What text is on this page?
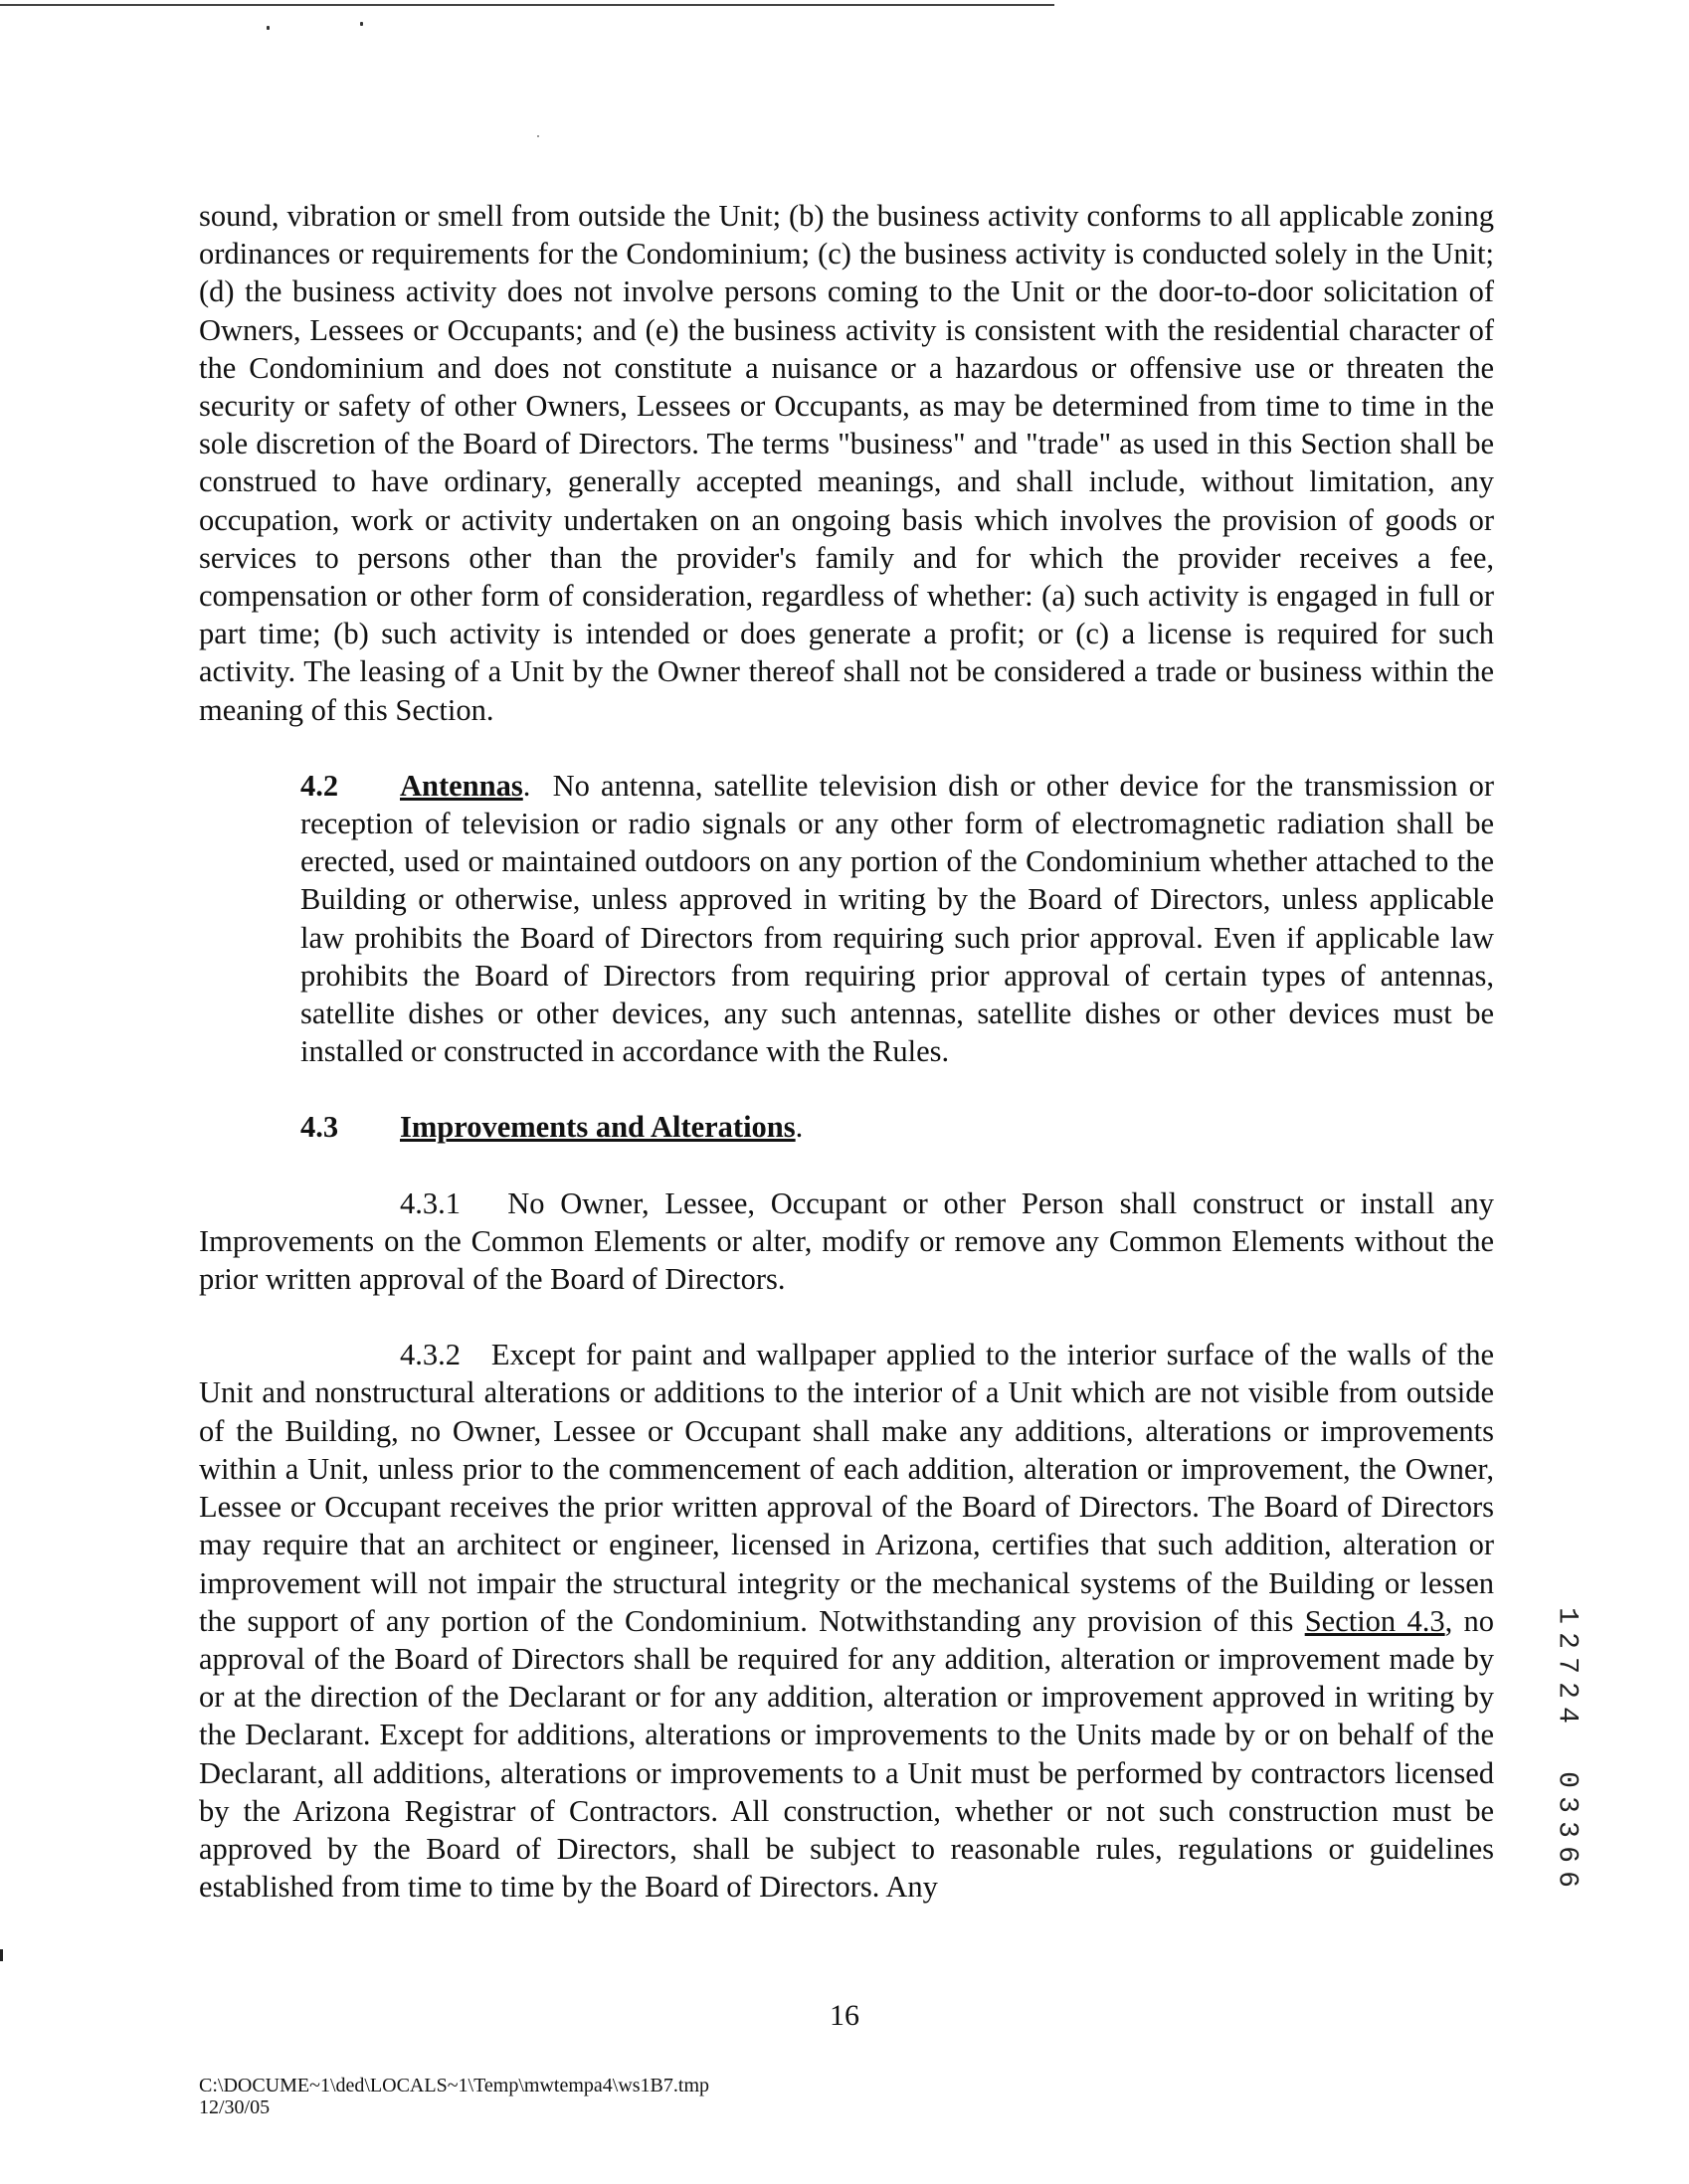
sound, vibration or smell from outside the Unit; (b) the business activity conforms to all applicable zoning ordinances or requirements for the Condominium; (c) the business activity is conducted solely in the Unit; (d) the business activity does not involve persons coming to the Unit or the door-to-door solicitation of Owners, Lessees or Occupants; and (e) the business activity is consistent with the residential character of the Condominium and does not constitute a nuisance or a hazardous or offensive use or threaten the security or safety of other Owners, Lessees or Occupants, as may be determined from time to time in the sole discretion of the Board of Directors. The terms "business" and "trade" as used in this Section shall be construed to have ordinary, generally accepted meanings, and shall include, without limitation, any occupation, work or activity undertaken on an ongoing basis which involves the provision of goods or services to persons other than the provider's family and for which the provider receives a fee, compensation or other form of consideration, regardless of whether: (a) such activity is engaged in full or part time; (b) such activity is intended or does generate a profit; or (c) a license is required for such activity. The leasing of a Unit by the Owner thereof shall not be considered a trade or business within the meaning of this Section.

4.2 Antennas. No antenna, satellite television dish or other device for the transmission or reception of television or radio signals or any other form of electromagnetic radiation shall be erected, used or maintained outdoors on any portion of the Condominium whether attached to the Building or otherwise, unless approved in writing by the Board of Directors, unless applicable law prohibits the Board of Directors from requiring such prior approval. Even if applicable law prohibits the Board of Directors from requiring prior approval of certain types of antennas, satellite dishes or other devices, any such antennas, satellite dishes or other devices must be installed or constructed in accordance with the Rules.

4.3 Improvements and Alterations.

4.3.1 No Owner, Lessee, Occupant or other Person shall construct or install any Improvements on the Common Elements or alter, modify or remove any Common Elements without the prior written approval of the Board of Directors.

4.3.2 Except for paint and wallpaper applied to the interior surface of the walls of the Unit and nonstructural alterations or additions to the interior of a Unit which are not visible from outside of the Building, no Owner, Lessee or Occupant shall make any additions, alterations or improvements within a Unit, unless prior to the commencement of each addition, alteration or improvement, the Owner, Lessee or Occupant receives the prior written approval of the Board of Directors. The Board of Directors may require that an architect or engineer, licensed in Arizona, certifies that such addition, alteration or improvement will not impair the structural integrity or the mechanical systems of the Building or lessen the support of any portion of the Condominium. Notwithstanding any provision of this Section 4.3, no approval of the Board of Directors shall be required for any addition, alteration or improvement made by or at the direction of the Declarant or for any addition, alteration or improvement approved in writing by the Declarant. Except for additions, alterations or improvements to the Units made by or on behalf of the Declarant, all additions, alterations or improvements to a Unit must be performed by contractors licensed by the Arizona Registrar of Contractors. All construction, whether or not such construction must be approved by the Board of Directors, shall be subject to reasonable rules, regulations or guidelines established from time to time by the Board of Directors. Any

16
C:\DOCUME~1\ded\LOCALS~1\Temp\mwtempa4\ws1B7.tmp
12/30/05
1
2
7
2
4
0
3
3
6
6
